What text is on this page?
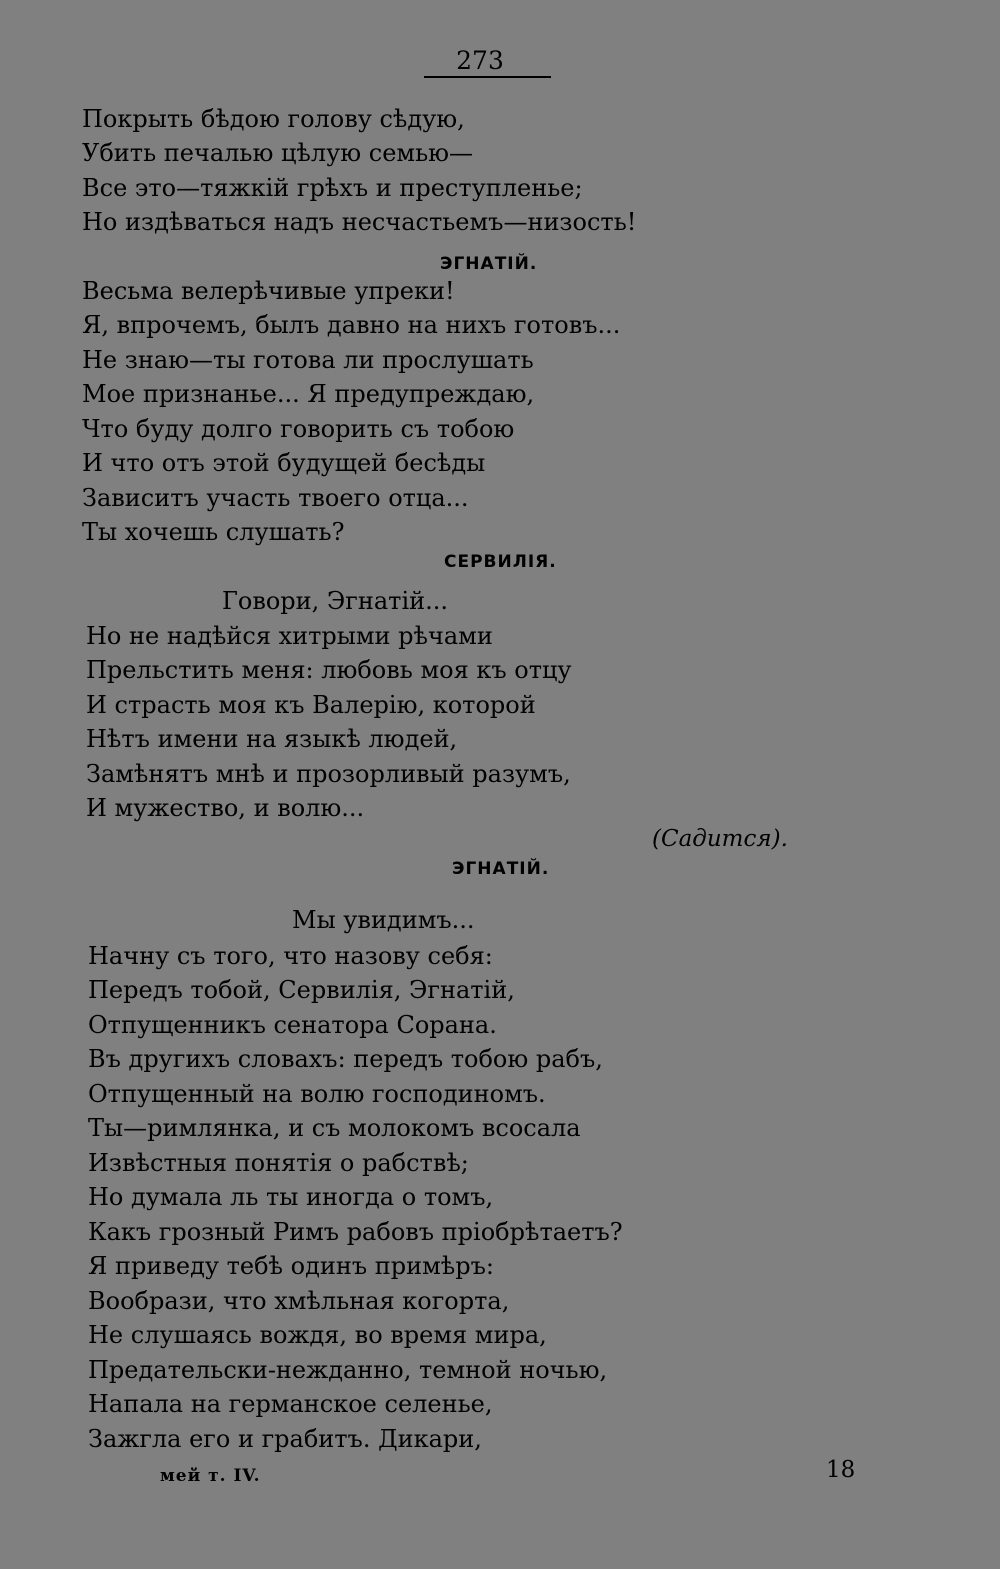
273
Покрыть бѣдою голову сѣдую,
Убить печалью цѣлую семью—
Все это—тяжкій грѣхъ и преступленье;
Но издѣваться надъ несчастьемъ—низость!
ЭГНАТІЙ.
Весьма велерѣчивые упреки!
Я, впрочемъ, былъ давно на нихъ готовъ...
Не знаю—ты готова ли прослушать
Мое признанье... Я предупреждаю,
Что буду долго говорить съ тобою
И что отъ этой будущей бесѣды
Зависитъ участь твоего отца...
Ты хочешь слушать?
СЕРВИЛІЯ.
Говори, Эгнатій...
Но не надѣйся хитрыми рѣчами
Прельстить меня: любовь моя къ отцу
И страсть моя къ Валерію, которой
Нѣтъ имени на языкѣ людей,
Замѣнятъ мнѣ и прозорливый разумъ,
И мужество, и волю...
(Садится).
ЭГНАТІЙ.
Мы увидимъ...
Начну съ того, что назову себя:
Передъ тобой, Сервилія, Эгнатій,
Отпущенникъ сенатора Сорана.
Въ другихъ словахъ: передъ тобою рабъ,
Отпущенный на волю господиномъ.
Ты—римлянка, и съ молокомъ всосала
Извѣстныя понятія о рабствѣ;
Но думала ль ты иногда о томъ,
Какъ грозный Римъ рабовъ пріобрѣтаетъ?
Я приведу тебѣ одинъ примѣръ:
Вообрази, что хмѣльная когорта,
Не слушаясь вождя, во время мира,
Предательски-нежданно, темной ночью,
Напала на германское селенье,
Зажгла его и грабитъ. Дикари,
мей т. IV.	18
